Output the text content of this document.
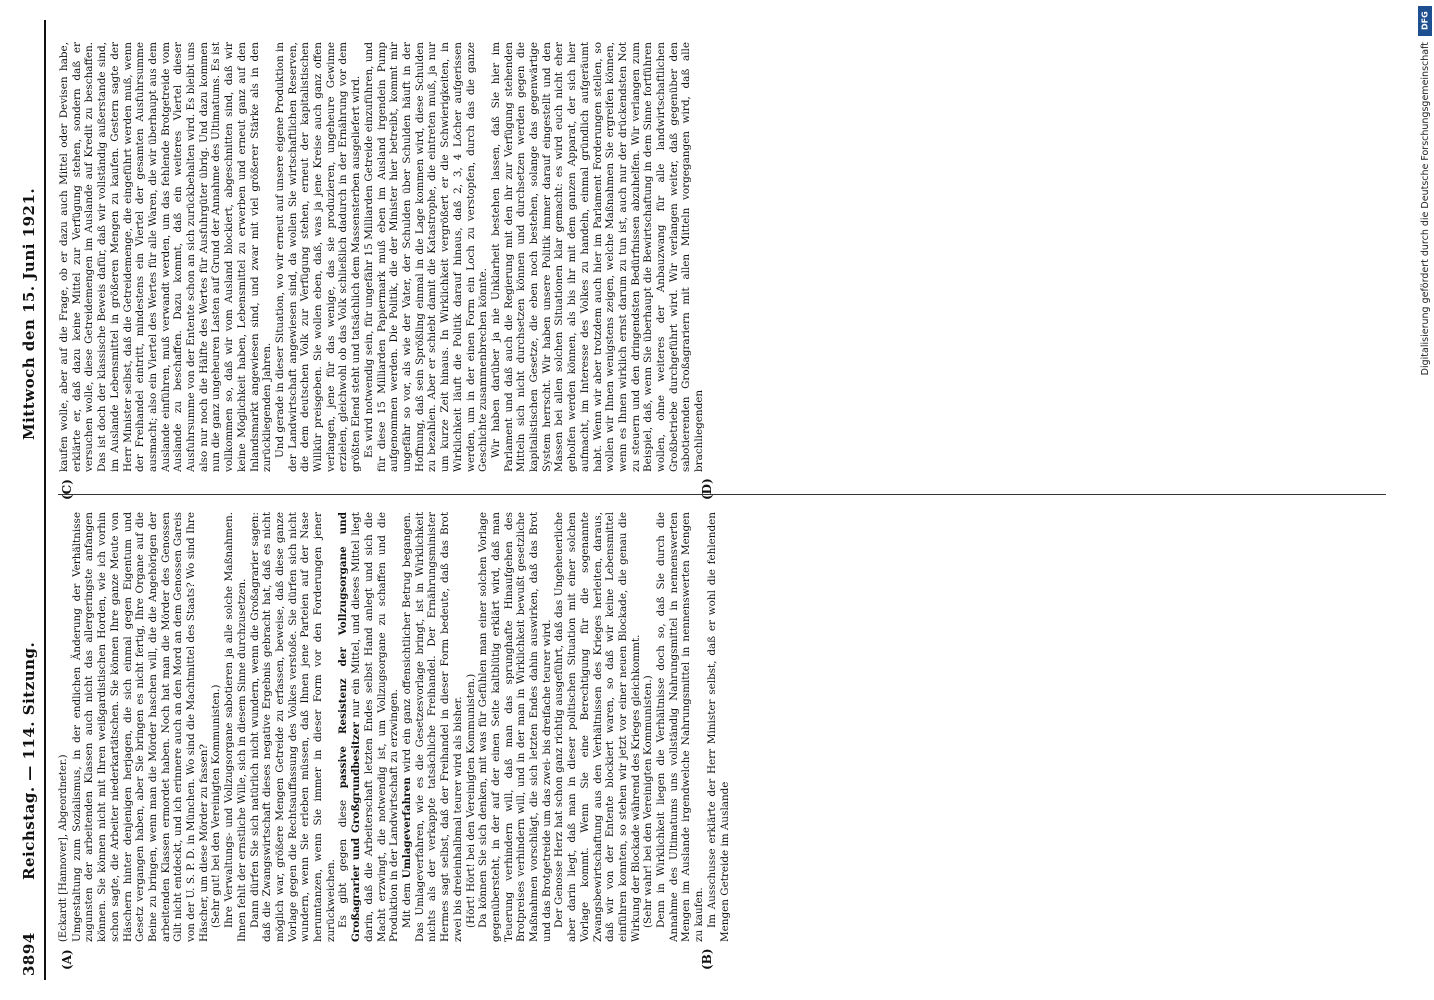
3894
Reichstag. — 114. Sitzung.
Mittwoch den 15. Juni 1921.
(A)	(B)
(C)	(D)

(Eckardt [Hannover], Abgeordneter.) Umgestaltung zum Sozialismus, in der endlichen Änderung der Verhältnisse zugunsten der arbeitenden Klassen auch nicht das allergeringste anfangen können. Sie können nicht mit Ihren weißgardistischen Horden, wie ich vorhin schon sagte, die Arbeiter niederkartätschen. Sie können Ihre ganze Meute von Häschern hinter denjenigen herjagen, die sich einmal gegen Eigentum und Gesetz vergangen haben, aber Sie bringen es nicht fertig, Ihre Organe auf die Beine zu bringen, wenn man die Mörder haschen will, die die Angehörigen der arbeitenden Klassen ermordet haben. Noch hat man die Mörder des Genossen Gilt nicht entdeckt, und ich erinnere auch an den Mord an dem Genossen Gareis von der U. S. P. D. in München. Wo sind die Machtmittel des Staats? Wo sind Ihre Häscher, um diese Mörder zu fassen? (Sehr gut! bei den Vereinigten Kommunisten.) Ihre Verwaltungs- und Vollzugsorgane sabotieren ja alle solche Maßnahmen. Ihnen fehlt der ernstliche Wille, sich in diesem Sinne durchzusetzen. Dann dürfen Sie sich natürlich nicht wundern, wenn die Großagrarier sagen: daß die Zwangswirtschaft dieses negative Ergebnis gebracht hat, daß es nicht möglich war, größere Mengen Getreide zu erfassen, beweise, daß diese ganze Vorlage gegen die Rechtsauffassung des Volkes verstoße. Sie dürfen sich nicht wundern, wenn Sie erleben müssen, daß Ihnen jene Parteien auf der Nase herumtanzen, wenn Sie immer in dieser Form vor den Forderungen jener zurückweichen. Es gibt gegen diese passive Resistenz der Vollzugsorgane und Großagrarier und Großgrundbesitzer nur ein Mittel, und dieses Mittel liegt darin, daß die Arbeiterschaft letzten Endes selbst Hand anlegt und sich die Macht erzwingt, die notwendig ist, um Vollzugsorgane zu schaffen und die Produktion in der Landwirtschaft zu erzwingen. Mit dem Umlageverfahren wird ein ganz offensichtlicher Betrug begangen. Das Umlageverfahren, wie es die Gesetzesvorlage bringt, ist in Wirklichkeit nichts als der verkappte tatsächliche Freihandel. Der Ernährungsminister Hermes sagt selbst, daß der Freihandel in dieser Form bedeute, daß das Brot zwei bis dreieinhalbmal teurer wird als bisher. (Hört! Hört! bei den Vereinigten Kommunisten.) Da können Sie sich denken, mit was für Gefühlen man einer solchen Vorlage gegenübersteht, in der auf der einen Seite kaltblütig erklärt wird, daß man Teuerung verhindern will, daß man das sprunghafte Hinaufgehen des Brotpreises verhindern will, und in der man in Wirklichkeit bewußt gesetzliche Maßnahmen vorschlägt, die sich letzten Endes dahin auswirken, daß das Brot und das Brotgetreide um das zwei- bis dreifache teurer wird. Der Genosse Herz hat schon ganz richtig ausgeführt, daß das Ungeheuerliche aber darin liegt, daß man in dieser politischen Situation mit einer solchen Vorlage kommt. Wenn Sie eine Berechtigung für die sogenannte Zwangsbewirtschaftung aus den Verhältnissen des Krieges herleiten, daraus, daß wir von der Entente blockiert waren, so daß wir keine Lebensmittel einführen konnten, so stehen wir jetzt vor einer neuen Blockade, die genau die Wirkung der Blockade während des Krieges gleichkommt. (Sehr wahr! bei den Vereinigten Kommunisten.) Denn in Wirklichkeit liegen die Verhältnisse doch so, daß Sie durch die Annahme des Ultimatums uns vollständig Nahrungsmittel in nennenswerten Mengen im Auslande irgendwelche Nahrungsmittel in nennenswerten Mengen zu kaufen. Im Ausschusse erklärte der Herr Minister selbst, daß er wohl die fehlenden Mengen Getreide im Auslande

kaufen wolle, aber auf die Frage, ob er dazu auch Mittel oder Devisen habe, erklärte er, daß dazu keine Mittel zur Verfügung stehen, sondern daß er versuchen wolle, diese Getreidemengen im Auslande auf Kredit zu beschaffen. Das ist doch der klassische Beweis dafür, daß wir vollständig außerstande sind, im Auslande Lebensmittel in größeren Mengen zu kaufen. Gestern sagte der Herr Minister selbst, daß die Getreidemenge, die eingeführt werden muß, wenn der Freihandel eintritt, mindestens ein Viertel der gesamten Ausfuhrsumme ausmacht; also ein Viertel des Wertes für alle Waren, die wir überhaupt aus dem Auslande einführen, muß verwandt werden, um das fehlende Brotgetreide vom Auslande zu beschaffen. Dazu kommt, daß ein weiteres Viertel dieser Ausfuhrsumme von der Entente schon an sich zurückbehalten wird. Es bleibt uns also nur noch die Hälfte des Wertes für Ausfuhrgüter übrig. Und dazu kommen nun die ganz ungeheuren Lasten auf Grund der Annahme des Ultimatums. Es ist vollkommen so, daß wir vom Ausland blockiert, abgeschnitten sind, daß wir keine Möglichkeit haben, Lebensmittel zu erwerben und erneut ganz auf den Inlandsmarkt angewiesen sind, und zwar mit viel größerer Stärke als in den zurückliegenden Jahren. Und gerade in dieser Situation, wo wir erneut auf unsere eigene Produktion in der Landwirtschaft angewiesen sind, da wollen Sie wirtschaftlichen Reserven, die dem deutschen Volk zur Verfügung stehen, erneut der kapitalistischen Willkür preisgeben. Sie wollen eben, daß, was ja jene Kreise auch ganz offen verlangen, jene für das wenige, das sie produzieren, ungeheure Gewinne erzielen, gleichwohl ob das Volk schließlich dadurch in der Ernährung vor dem größten Elend steht und tatsächlich dem Massensterben ausgeliefert wird. Es wird notwendig sein, für ungefähr 15 Milliarden Getreide einzuführen, und für diese 15 Milliarden Papiermark muß eben im Ausland irgendein Pump aufgenommen werden. Die Politik, die der Minister hier betreibt, kommt mir ungefähr so vor, als wie der Vater, der Schulden über Schulden häuft in der Hoffnung, daß sein Sprößling einmal in die Lage kommen wird, diese Schulden zu bezahlen. Aber er schiebt damit die Katastrophe, die eintreten muß, ja nur um kurze Zeit hinaus. In Wirklichkeit vergrößert er die Schwierigkeiten, in Wirklichkeit läuft die Politik darauf hinaus, daß 2, 3, 4 Löcher aufgerissen werden, um in der einen Form ein Loch zu verstopfen, durch das die ganze Geschichte zusammenbrechen könnte. Wir haben darüber ja nie Unklarheit bestehen lassen, daß Sie hier im Parlament und daß auch die Regierung mit den ihr zur Verfügung stehenden Mitteln sich nicht durchsetzen können und durchsetzen werden gegen die kapitalistischen Gesetze, die eben noch bestehen, solange das gegenwärtige System herrscht. Wir haben unsere Politik immer darauf eingestellt und den Massen bei allen solchen Situationen klar gemacht: es wird euch nicht eher geholfen werden können, als bis ihr mit dem ganzen Apparat, der sich hier aufmacht, im Interesse des Volkes zu handeln, einmal gründlich aufgeräumt habt. Wenn wir aber trotzdem auch hier im Parlament Forderungen stellen, so wollen wir Ihnen wenigstens zeigen, welche Maßnahmen Sie ergreifen können, wenn es Ihnen wirklich ernst darum zu tun ist, auch nur der drückendsten Not zu steuern und den dringendsten Bedürfnissen abzuhelfen. Wir verlangen zum Beispiel, daß, wenn Sie überhaupt die Bewirtschaftung in dem Sinne fortführen wollen, ohne weiteres der Anbauzwang für alle landwirtschaftlichen Großbetriebe durchgeführt wird. Wir verlangen weiter, daß gegenüber den sabotierenden Großagrariern mit allen Mitteln vorgegangen wird, daß alle brachliegenden

DFG
Digitalisierung gefördert durch die Deutsche Forschungsgemeinschaft
